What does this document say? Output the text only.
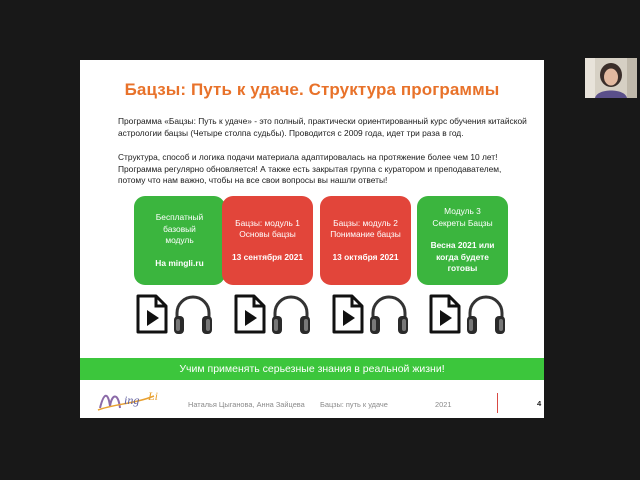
Бацзы: Путь к удаче. Структура программы
Программа «Бацзы: Путь к удаче» - это полный, практически ориентированный курс обучения китайской астрологии бацзы (Четыре столпа судьбы). Проводится с 2009 года, идет три раза в год.
Структура, способ и логика подачи материала адаптировалась на протяжение более чем 10 лет! Программа регулярно обновляется! А также есть закрытая группа с куратором и преподавателем, потому что нам важно, чтобы на все свои вопросы вы нашли ответы!
Бесплатный базовый модуль
На mingli.ru
Бацзы: модуль 1 Основы бацзы
13 сентября 2021
Бацзы: модуль 2 Понимание бацзы
13 октября 2021
Модуль 3 Секреты Бацзы
Весна 2021 или когда будете готовы
Учим применять серьезные знания в реальной жизни!
ing Li
Наталья Цыганова, Анна Зайцева Бацзы: путь к удаче	2021	4
